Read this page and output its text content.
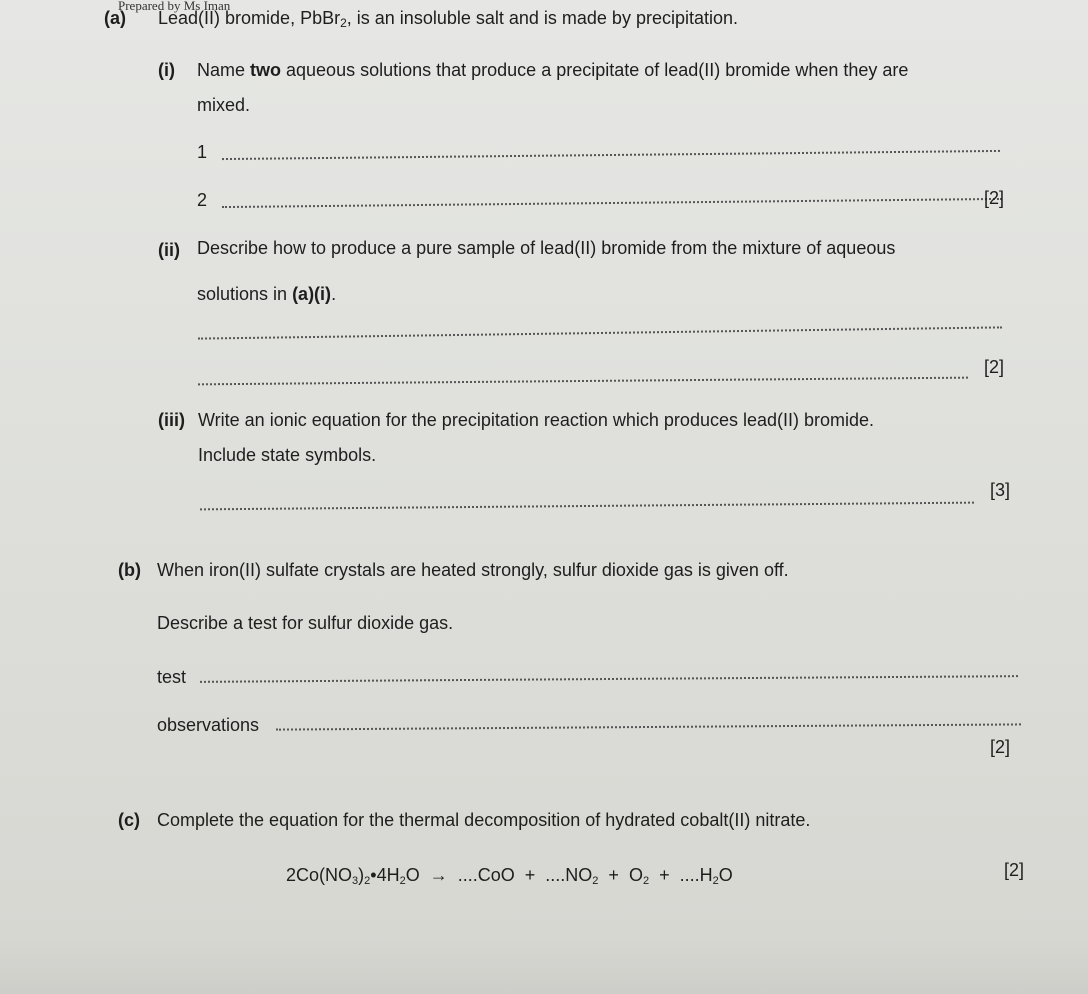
Prepared by Ms Iman
(a) Lead(II) bromide, PbBr$_2$, is an insoluble salt and is made by precipitation.
(i) Name two aqueous solutions that produce a precipitate of lead(II) bromide when they are
mixed.
1
2	[2]
(ii) Describe how to produce a pure sample of lead(II) bromide from the mixture of aqueous
solutions in (a)(i).
[2]
(iii) Write an ionic equation for the precipitation reaction which produces lead(II) bromide.
Include state symbols.
[3]
(b) When iron(II) sulfate crystals are heated strongly, sulfur dioxide gas is given off.
Describe a test for sulfur dioxide gas.
test
observations
[2]
(c) Complete the equation for the thermal decomposition of hydrated cobalt(II) nitrate.
$2Co(NO_3)_2•4H_2O \to ....CoO + ....NO_2 + O_2 + ....H_2O$	[2]
